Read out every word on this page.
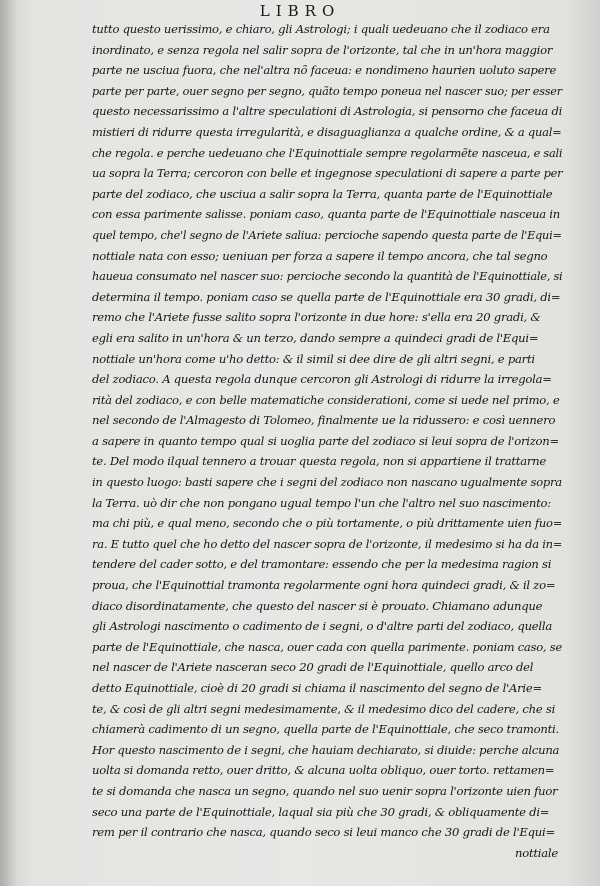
LIBRO
tutto questo uerissimo, e chiaro, gli Astrologi; i quali uedeuano che il zodiaco era
inordinato, e senza regola nel salir sopra de l'orizonte, tal che in un'hora maggior
parte ne usciua fuora, che nel'altra nõ faceua: e nondimeno haurien uoluto sapere
parte per parte, ouer segno per segno, quãto tempo poneua nel nascer suo; per esser
questo necessarissimo a l'altre speculationi di Astrologia, si pensorno che faceua di
mistieri di ridurre questa irregularità, e disaguaglianza a qualche ordine, & a qual=
che regola. e perche uedeuano che l'Equinottiale sempre regolarmẽte nasceua, e sali
ua sopra la Terra; cercoron con belle et ingegnose speculationi di sapere a parte per
parte del zodiaco, che usciua a salir sopra la Terra, quanta parte de l'Equinottiale
con essa parimente salisse. poniam caso, quanta parte de l'Equinottiale nasceua in
quel tempo, che'l segno de l'Ariete saliua: percioche sapendo questa parte de l'Equi=
nottiale nata con esso; ueniuan per forza a sapere il tempo ancora, che tal segno
haueua consumato nel nascer suo: percioche secondo la quantità de l'Equinottiale, si
determina il tempo. poniam caso se quella parte de l'Equinottiale era 30 gradi, di=
remo che l'Ariete fusse salito sopra l'orizonte in due hore: s'ella era 20 gradi, &
egli era salito in un'hora & un terzo, dando sempre a quindeci gradi de l'Equi=
nottiale un'hora come u'ho detto: & il simil si dee dire de gli altri segni, e parti
del zodiaco. A questa regola dunque cercoron gli Astrologi di ridurre la irregola=
rità del zodiaco, e con belle matematiche considerationi, come si uede nel primo, e
nel secondo de l'Almagesto di Tolomeo, finalmente ue la ridussero: e così uennero
a sapere in quanto tempo qual si uoglia parte del zodiaco si leui sopra de l'orizon=
te. Del modo ilqual tennero a trouar questa regola, non si appartiene il trattarne
in questo luogo: basti sapere che i segni del zodiaco non nascano ugualmente sopra
la Terra. uò dir che non pongano ugual tempo l'un che l'altro nel suo nascimento:
ma chi più, e qual meno, secondo che o più tortamente, o più drittamente uien fuo=
ra. E tutto quel che ho detto del nascer sopra de l'orizonte, il medesimo si ha da in=
tendere del cader sotto, e del tramontare: essendo che per la medesima ragion si
proua, che l'Equinottial tramonta regolarmente ogni hora quindeci gradi, & il zo=
diaco disordinatamente, che questo del nascer si è prouato. Chiamano adunque
gli Astrologi nascimento o cadimento de i segni, o d'altre parti del zodiaco, quella
parte de l'Equinottiale, che nasca, ouer cada con quella parimente. poniam caso, se
nel nascer de l'Ariete nasceran seco 20 gradi de l'Equinottiale, quello arco del
detto Equinottiale, cioè di 20 gradi si chiama il nascimento del segno de l'Arie=
te, & così de gli altri segni medesimamente, & il medesimo dico del cadere, che si
chiamerà cadimento di un segno, quella parte de l'Equinottiale, che seco tramonti.
Hor questo nascimento de i segni, che hauiam dechiarato, si diuide: perche alcuna
uolta si domanda retto, ouer dritto, & alcuna uolta obliquo, ouer torto. rettamen=
te si domanda che nasca un segno, quando nel suo uenir sopra l'orizonte uien fuor
seco una parte de l'Equinottiale, laqual sia più che 30 gradi, & obliquamente di=
rem per il contrario che nasca, quando seco si leui manco che 30 gradi de l'Equi=
nottiale
